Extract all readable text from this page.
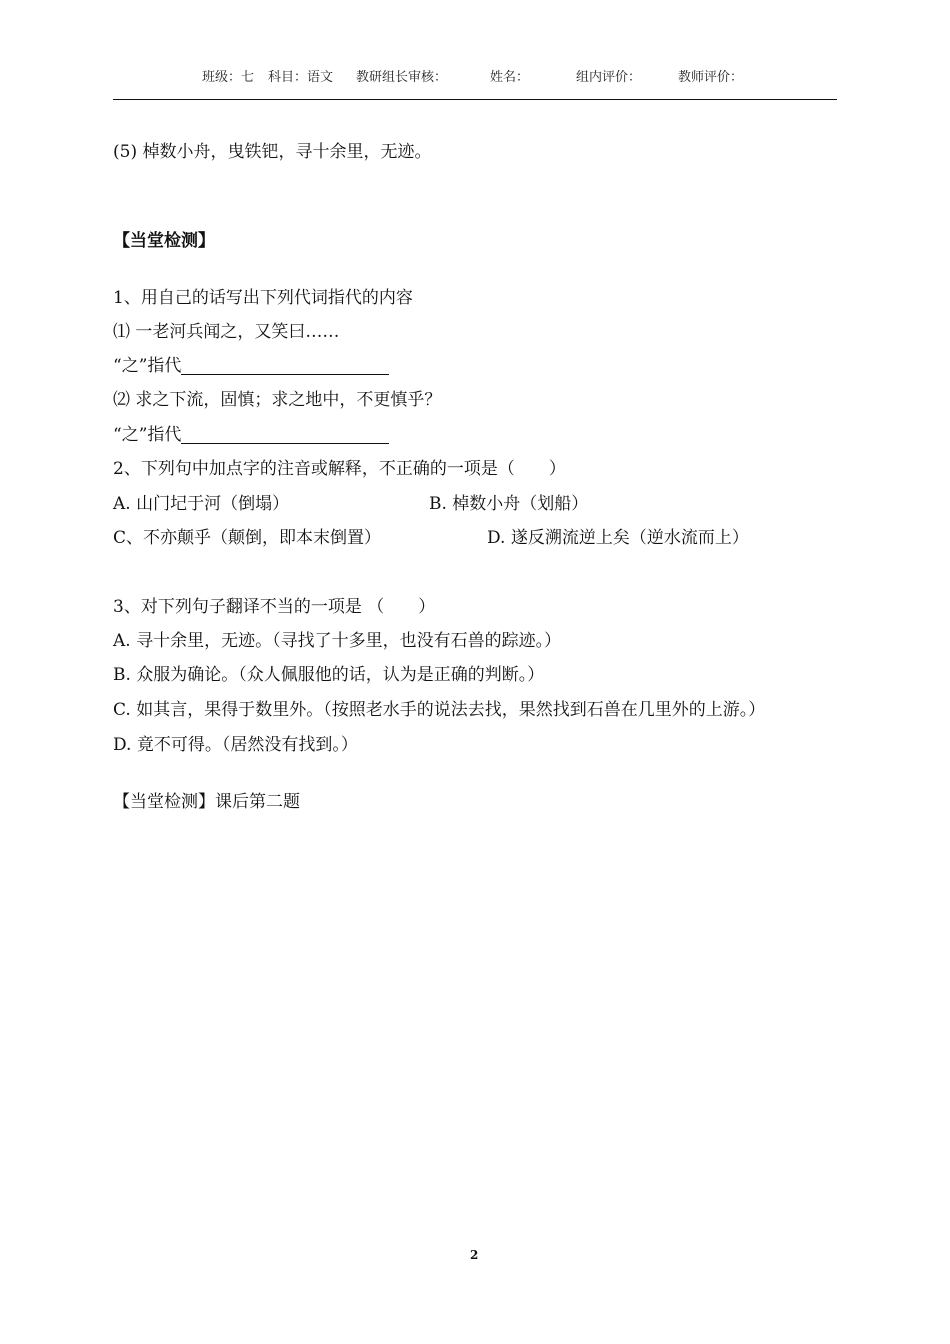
班级：七 科目：语文 教研组长审核：	姓名：	组内评价：	教师评价：
(5) 棹数小舟，曳铁钯，寻十余里，无迹。
【当堂检测】
1、用自己的话写出下列代词指代的内容
⑴ 一老河兵闻之，又笑曰……
“之”指代
⑵ 求之下流，固慎；求之地中，不更慎乎？
“之”指代
2、下列句中加点字的注音或解释，不正确的一项是（　　）
A. 山门圮于河（倒塌）	B. 棹数小舟（划船）
C、不亦颠乎（颠倒，即本末倒置）	D. 遂反溯流逆上矣（逆水流而上）
3、对下列句子翻译不当的一项是 （　　）
A. 寻十余里，无迹。（寻找了十多里，也没有石兽的踪迹。）
B. 众服为确论。（众人佩服他的话，认为是正确的判断。）
C. 如其言，果得于数里外。（按照老水手的说法去找，果然找到石兽在几里外的上游。）
D. 竟不可得。（居然没有找到。）
【当堂检测】课后第二题
2
